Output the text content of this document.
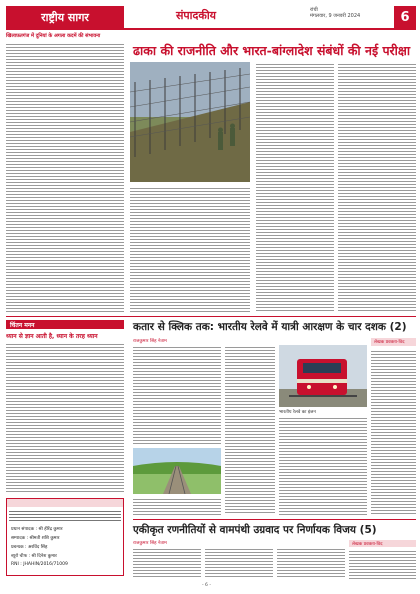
राष्ट्रीय सागर	संपादकीय	रांची
मंगलवार, 9 जनवरी 2024	6
खिलाफ़तगंज में दुनियां के अगला कदमें की संभावना
ढाका की राजनीति और भारत-बांग्लादेश संबंधों की नई परीक्षा
चिंतन मनन
ध्यान से ज्ञान आती है, ध्यान के तरह ध्यान
प्रधान संपादक : श्री हीरेंद्र कुमार
सम्पादक : श्रीमती शशि कुमार
प्रबन्धक : अरविंद सिंह
ब्यूरो चीफ : श्री दिनेश कुमार
RNI : JHAHIN/2016/71009
कतार से क्लिक तक: भारतीय रेलवे में यात्री आरक्षण के चार दशक (2)
राजकुमार सिंह नेताम
भारतीय रेलवे का इंजन
लेखक प्रवक्ता-विद
एकीकृत रणनीतियों से वामपंथी उग्रवाद पर निर्णायक विजय (5)
राजकुमार सिंह नेताम	लेखक प्रवक्ता-विद
- 6 -
